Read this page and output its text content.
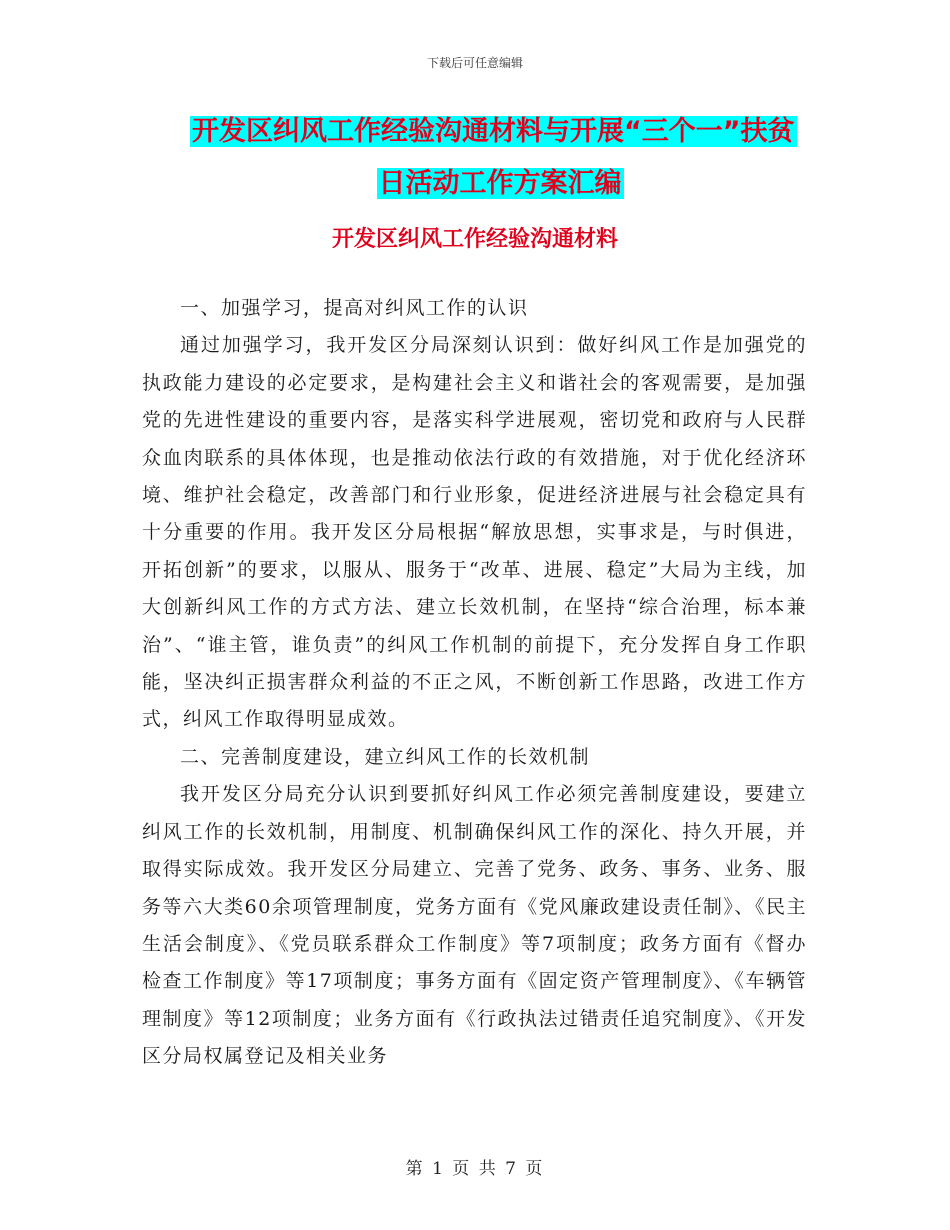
下载后可任意编辑
开发区纠风工作经验沟通材料与开展“三个一”扶贫
日活动工作方案汇编
开发区纠风工作经验沟通材料

一、加强学习，提高对纠风工作的认识

通过加强学习，我开发区分局深刻认识到：做好纠风工作是加强党的执政能力建设的必定要求，是构建社会主义和谐社会的客观需要，是加强党的先进性建设的重要内容，是落实科学进展观，密切党和政府与人民群众血肉联系的具体体现，也是推动依法行政的有效措施，对于优化经济环境、维护社会稳定，改善部门和行业形象，促进经济进展与社会稳定具有十分重要的作用。我开发区分局根据“解放思想，实事求是，与时俱进，开拓创新”的要求，以服从、服务于“改革、进展、稳定”大局为主线，加大创新纠风工作的方式方法、建立长效机制，在坚持“综合治理，标本兼治”、“谁主管，谁负责”的纠风工作机制的前提下，充分发挥自身工作职能，坚决纠正损害群众利益的不正之风，不断创新工作思路，改进工作方式，纠风工作取得明显成效。

二、完善制度建设，建立纠风工作的长效机制

我开发区分局充分认识到要抓好纠风工作必须完善制度建设，要建立纠风工作的长效机制，用制度、机制确保纠风工作的深化、持久开展，并取得实际成效。我开发区分局建立、完善了党务、政务、事务、业务、服务等六大类60余项管理制度，党务方面有《党风廉政建设责任制》、《民主生活会制度》、《党员联系群众工作制度》等7项制度；政务方面有《督办检查工作制度》等17项制度；事务方面有《固定资产管理制度》、《车辆管理制度》等12项制度；业务方面有《行政执法过错责任追究制度》、《开发区分局权属登记及相关业务

第 1 页 共 7 页
